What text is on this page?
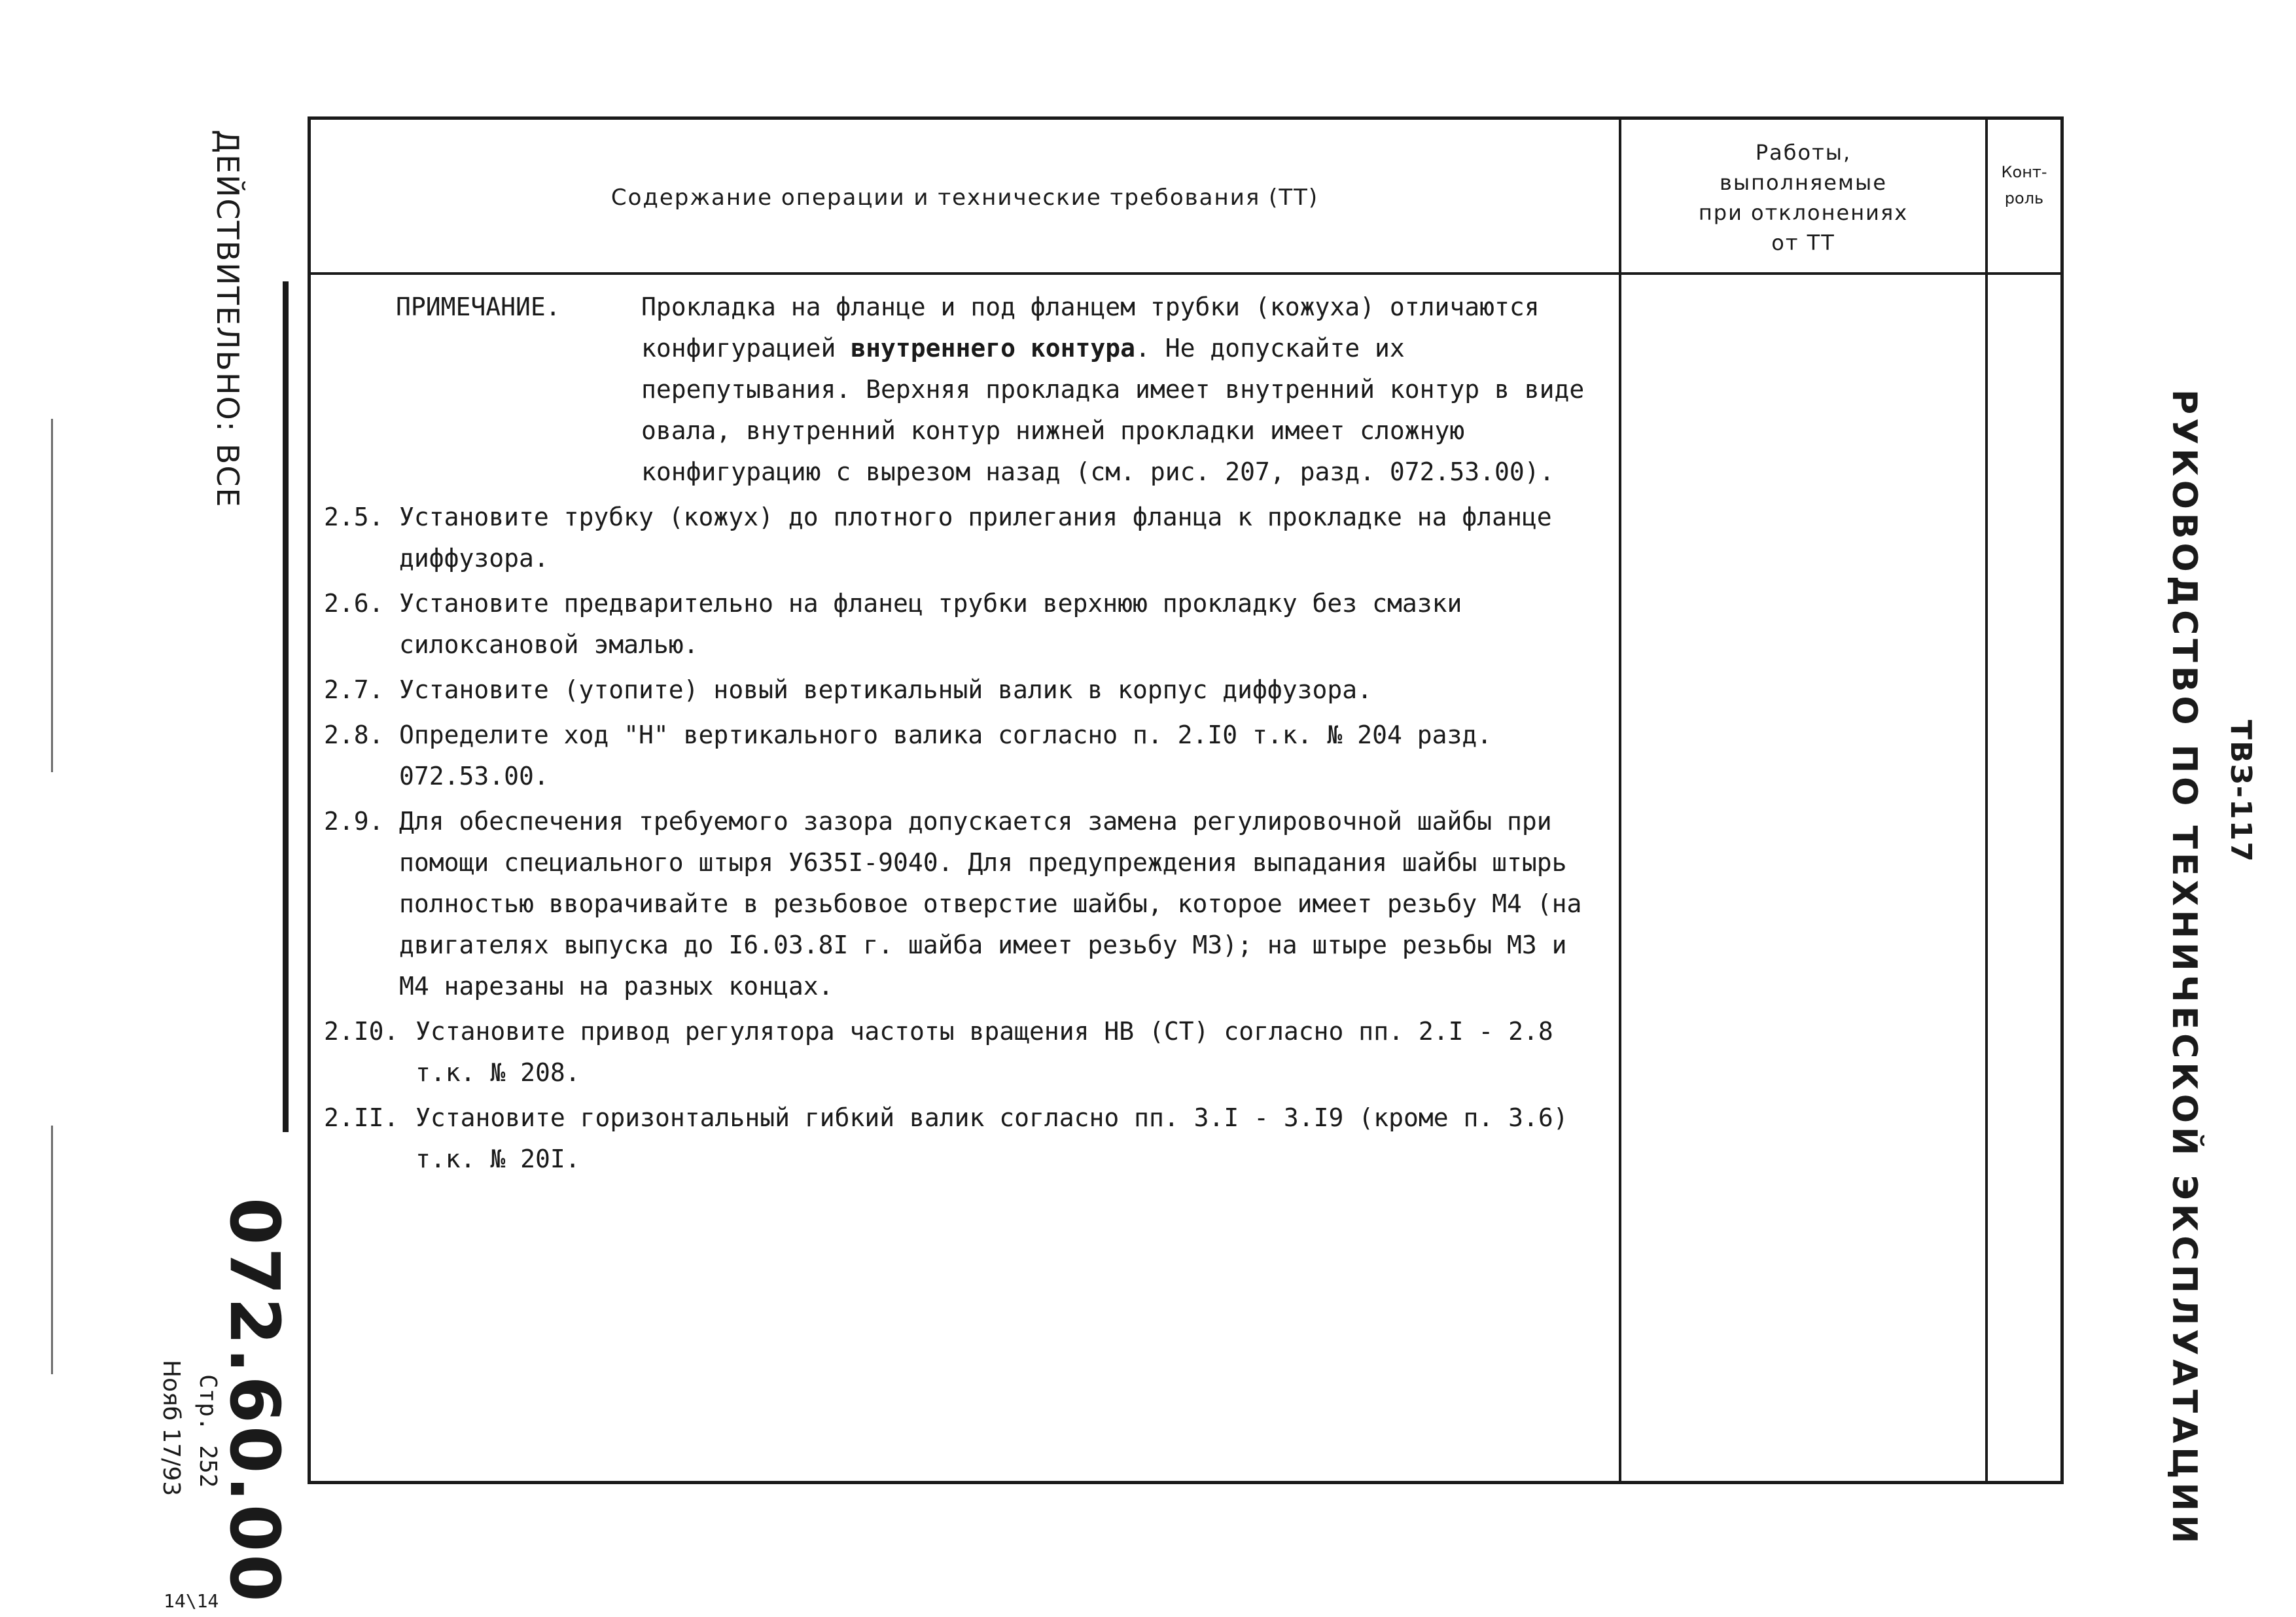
ДЕЙСТВИТЕЛЬНО: ВСЕ
072.60.00
Стр. 252
Нояб 17/93
14\14
ТВЗ-117
РУКОВОДСТВО ПО ТЕХНИЧЕСКОЙ ЭКСПЛУАТАЦИИ
Содержание операции и технические требования (ТТ)
Работы,
выполняемые
при отклонениях
от ТТ
Конт-
роль
ПРИМЕЧАНИЕ.	Прокладка на фланце и под фланцем трубки (кожуха) отличаются конфигурацией внутреннего контура. Не допускайте их перепутывания. Верхняя прокладка имеет внутренний контур в виде овала, внутренний контур нижней прокладки имеет сложную конфигурацию с вырезом назад (см. рис. 207, разд. 072.53.00).
2.5. Установите трубку (кожух) до плотного прилегания фланца к прокладке на фланце диффузора.
2.6. Установите предварительно на фланец трубки верхнюю прокладку без смазки силоксановой эмалью.
2.7. Установите (утопите) новый вертикальный валик в корпус диффузора.
2.8. Определите ход "Н" вертикального валика согласно п. 2.I0 т.к. № 204 разд. 072.53.00.
2.9. Для обеспечения требуемого зазора допускается замена регулировочной шайбы при помощи специального штыря У635I-9040. Для предупреждения выпадания шайбы штырь полностью вворачивайте в резьбовое отверстие шайбы, которое имеет резьбу М4 (на двигателях выпуска до I6.03.8I г. шайба имеет резьбу М3); на штыре резьбы М3 и М4 нарезаны на разных концах.
2.I0. Установите привод регулятора частоты вращения НВ (СТ) согласно пп. 2.I - 2.8 т.к. № 208.
2.II. Установите горизонтальный гибкий валик согласно пп. 3.I - 3.I9 (кроме п. 3.6) т.к. № 20I.
